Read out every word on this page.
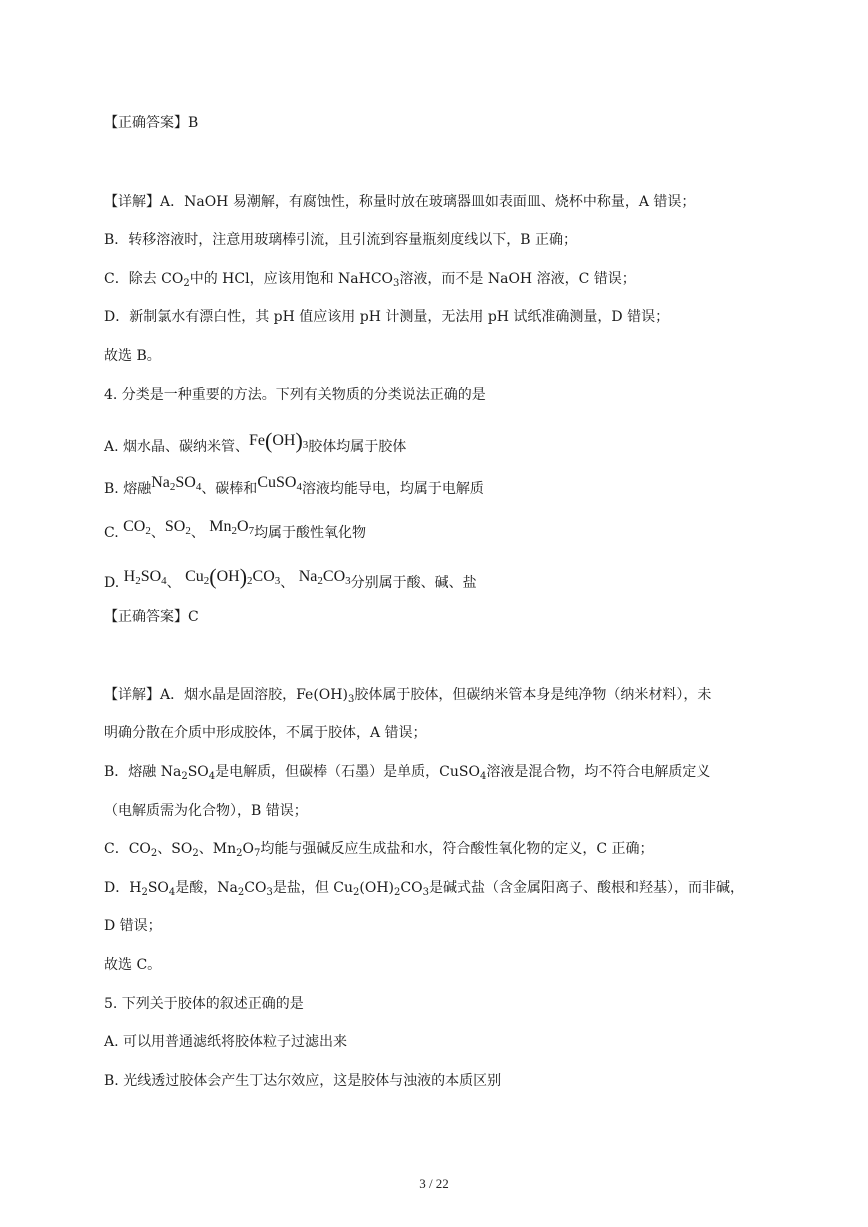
【正确答案】B
【详解】A．NaOH 易潮解，有腐蚀性，称量时放在玻璃器皿如表面皿、烧杯中称量，A 错误；
B．转移溶液时，注意用玻璃棒引流，且引流到容量瓶刻度线以下，B 正确；
C．除去 $CO_2$中的 HCl，应该用饱和 NaHCO$_3$溶液，而不是 NaOH 溶液，C 错误；
D．新制氯水有漂白性，其 pH 值应该用 pH 计测量，无法用 pH 试纸准确测量，D 错误；
故选 B。
4. 分类是一种重要的方法。下列有关物质的分类说法正确的是
A. 烟水晶、碳纳米管、$Fe(OH)_3$胶体均属于胶体
B. 熔融$Na_2SO_4$、碳棒和CuSO$_4$溶液均能导电，均属于电解质
C. $CO_2$、$SO_2$、 $Mn_2O_7$均属于酸性氧化物
D. $H_2SO_4$、 $Cu_2(OH)_2CO_3$、 $Na_2CO_3$分别属于酸、碱、盐
【正确答案】C
【详解】A．烟水晶是固溶胶，$Fe(OH)_3$胶体属于胶体，但碳纳米管本身是纯净物（纳米材料），未
明确分散在介质中形成胶体，不属于胶体，A 错误；
B．熔融 $Na_2SO_4$是电解质，但碳棒（石墨）是单质，CuSO$_4$溶液是混合物，均不符合电解质定义
（电解质需为化合物），B 错误；
C．$CO_2$、$SO_2$、$Mn_2O_7$均能与强碱反应生成盐和水，符合酸性氧化物的定义，C 正确；
D．$H_2SO_4$是酸，$Na_2CO_3$是盐，但 $Cu_2(OH)_2CO_3$是碱式盐（含金属阳离子、酸根和羟基），而非碱，
D 错误；
故选 C。
5. 下列关于胶体的叙述正确的是
A. 可以用普通滤纸将胶体粒子过滤出来
B. 光线透过胶体会产生丁达尔效应，这是胶体与浊液的本质区别
3 / 22
